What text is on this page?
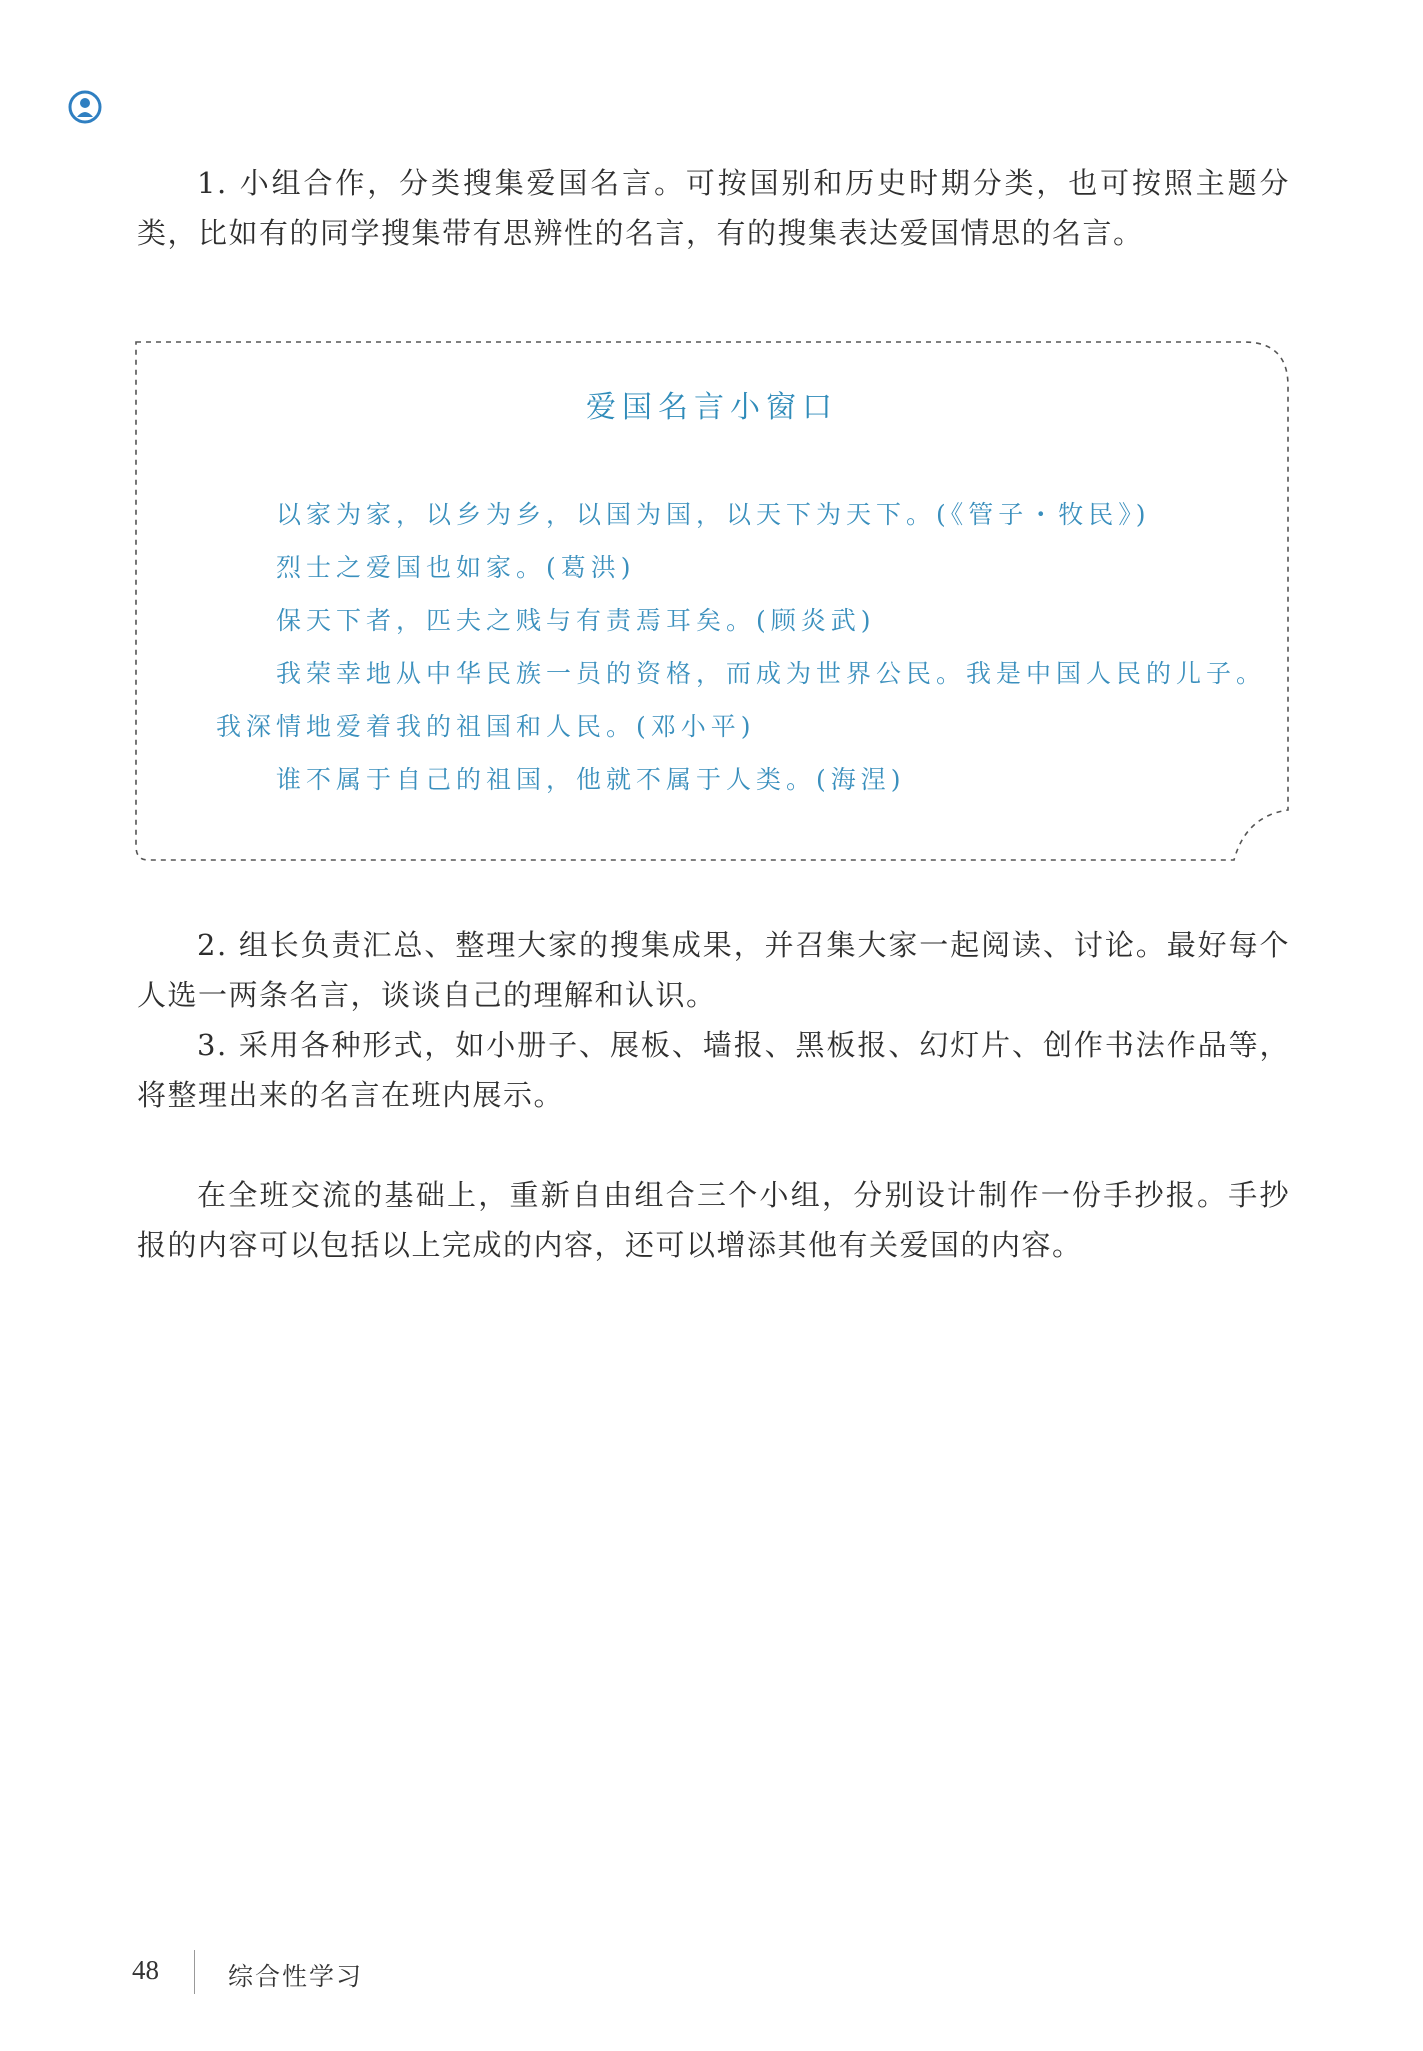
1. 小组合作，分类搜集爱国名言。可按国别和历史时期分类，也可按照主题分类，比如有的同学搜集带有思辨性的名言，有的搜集表达爱国情思的名言。

爱国名言小窗口

以家为家，以乡为乡，以国为国，以天下为天下。(《管子・牧民》)

烈士之爱国也如家。(葛洪)

保天下者，匹夫之贱与有责焉耳矣。(顾炎武)

我荣幸地从中华民族一员的资格，而成为世界公民。我是中国人民的儿子。我深情地爱着我的祖国和人民。(邓小平)

谁不属于自己的祖国，他就不属于人类。(海涅)

2. 组长负责汇总、整理大家的搜集成果，并召集大家一起阅读、讨论。最好每个人选一两条名言，谈谈自己的理解和认识。

3. 采用各种形式，如小册子、展板、墙报、黑板报、幻灯片、创作书法作品等，将整理出来的名言在班内展示。

在全班交流的基础上，重新自由组合三个小组，分别设计制作一份手抄报。手抄报的内容可以包括以上完成的内容，还可以增添其他有关爱国的内容。

48	综合性学习
